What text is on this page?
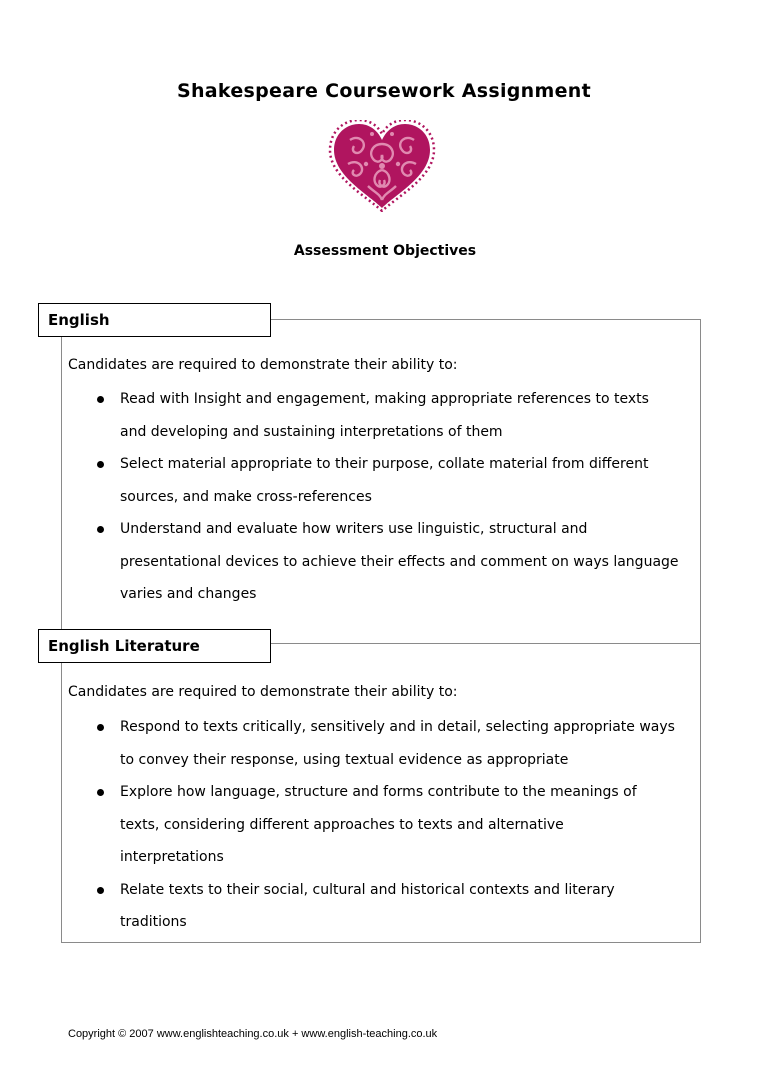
Shakespeare Coursework Assignment
Assessment Objectives
English
Candidates are required to demonstrate their ability to:
Read with Insight and engagement, making appropriate references to texts
and developing and sustaining interpretations of them
Select material appropriate to their purpose, collate material from different
sources, and make cross-references
Understand and evaluate how writers use linguistic, structural and
presentational devices to achieve their effects and comment on ways language
varies and changes
English Literature
Candidates are required to demonstrate their ability to:
Respond to texts critically, sensitively and in detail, selecting appropriate ways
to convey their response, using textual evidence as appropriate
Explore how language, structure and forms contribute to the meanings of
texts, considering different approaches to texts and alternative
interpretations
Relate texts to their social, cultural and historical contexts and literary
traditions
Copyright © 2007 www.englishteaching.co.uk + www.english-teaching.co.uk
